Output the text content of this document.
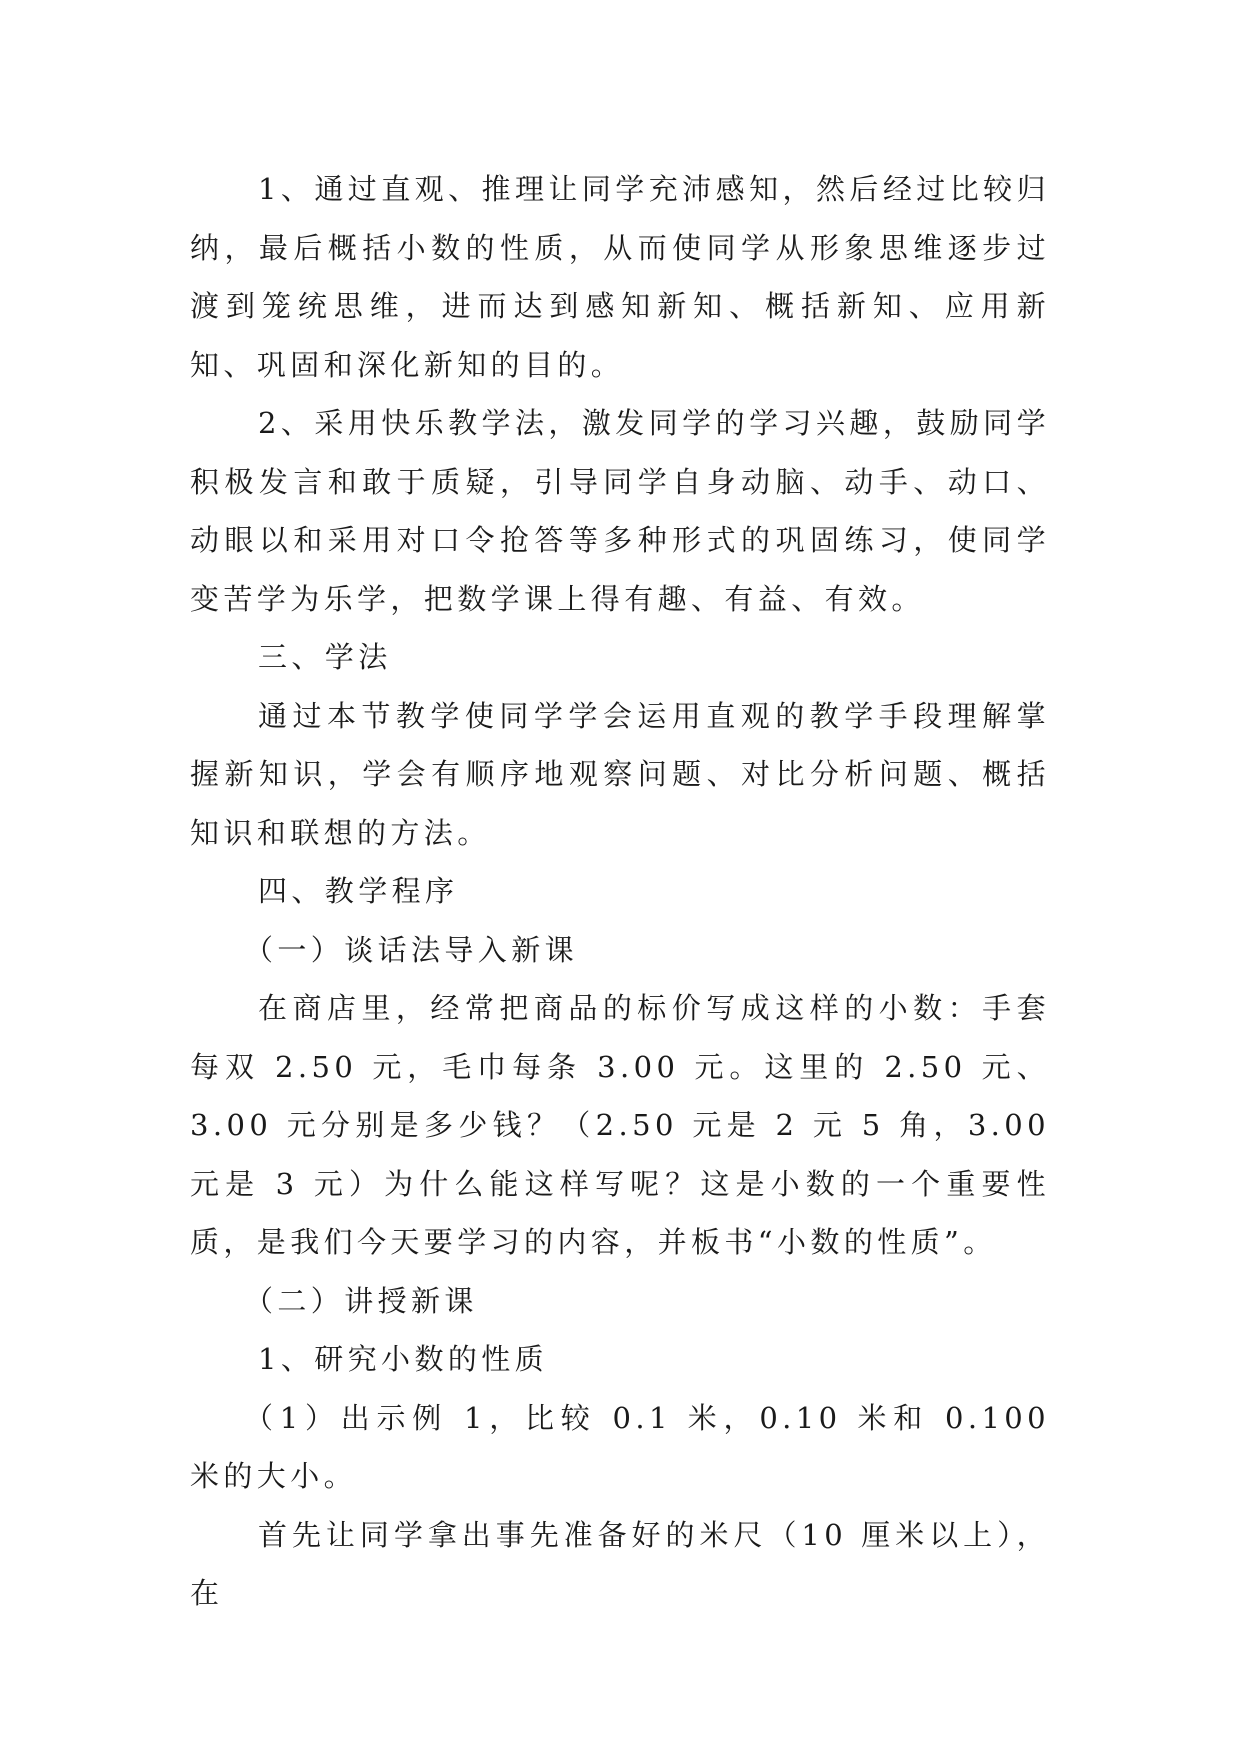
1、通过直观、推理让同学充沛感知，然后经过比较归纳，最后概括小数的性质，从而使同学从形象思维逐步过渡到笼统思维，进而达到感知新知、概括新知、应用新知、巩固和深化新知的目的。

2、采用快乐教学法，激发同学的学习兴趣，鼓励同学积极发言和敢于质疑，引导同学自身动脑、动手、动口、动眼以和采用对口令抢答等多种形式的巩固练习，使同学变苦学为乐学，把数学课上得有趣、有益、有效。

三、学法

通过本节教学使同学学会运用直观的教学手段理解掌握新知识，学会有顺序地观察问题、对比分析问题、概括知识和联想的方法。

四、教学程序

（一）谈话法导入新课

在商店里，经常把商品的标价写成这样的小数：手套每双 2.50 元，毛巾每条 3.00 元。这里的 2.50 元、3.00 元分别是多少钱？（2.50 元是 2 元 5 角，3.00 元是 3 元）为什么能这样写呢？这是小数的一个重要性质，是我们今天要学习的内容，并板书“小数的性质”。

（二）讲授新课

1、研究小数的性质

（1）出示例 1，比较 0.1 米，0.10 米和 0.100 米的大小。

首先让同学拿出事先准备好的米尺（10 厘米以上），在
